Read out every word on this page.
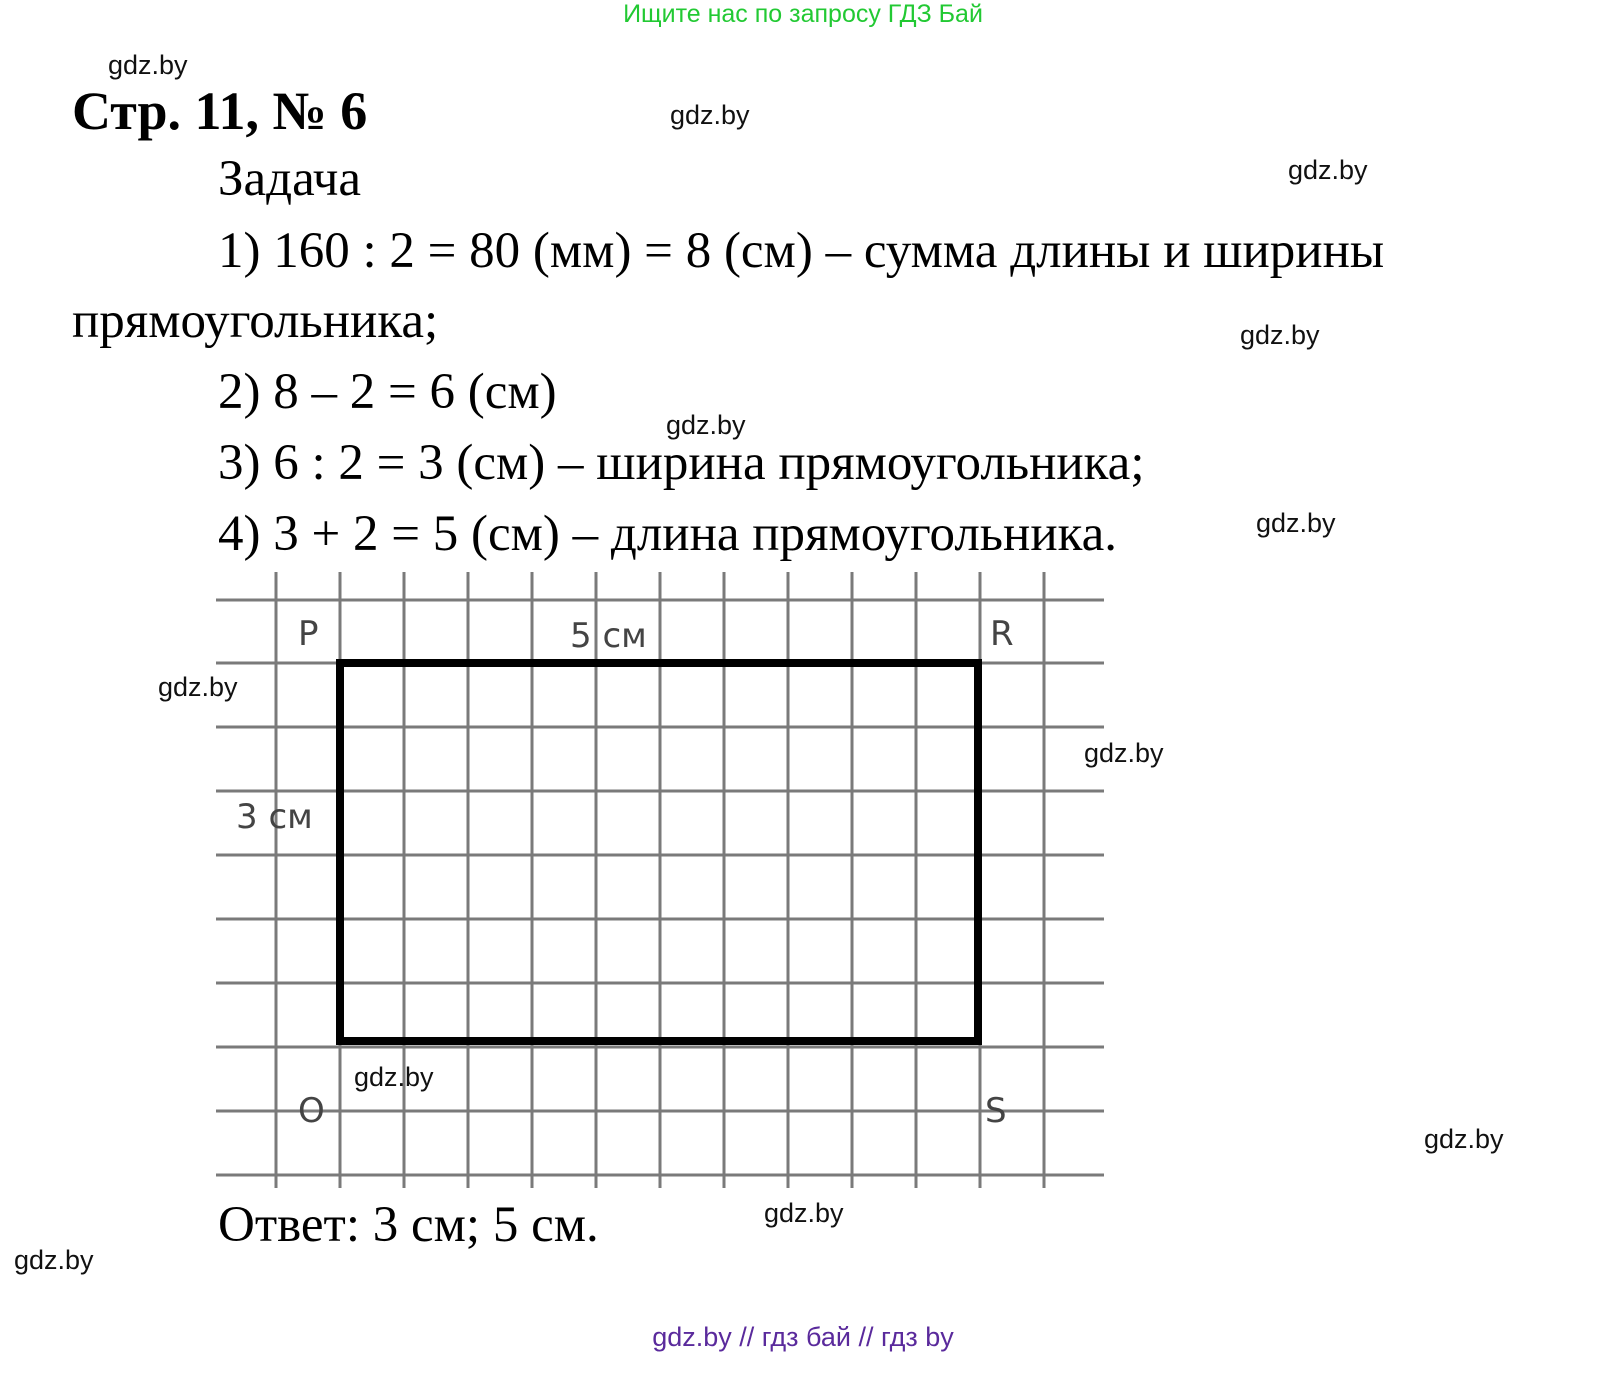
Ищите нас по запросу ГДЗ Бай
Стр. 11, № 6
Задача
1) 160 : 2 = 80 (мм) = 8 (см) – сумма длины и ширины
прямоугольника;
2) 8 – 2 = 6 (см)
3) 6 : 2 = 3 (см) – ширина прямоугольника;
4) 3 + 2 = 5 (см) – длина прямоугольника.
P	R
O	S
5 см
3 см
Ответ: 3 см; 5 см.
gdz.by
gdz.by
gdz.by
gdz.by
gdz.by
gdz.by
gdz.by
gdz.by
gdz.by
gdz.by
gdz.by
gdz.by
gdz.by // гдз бай // гдз by
